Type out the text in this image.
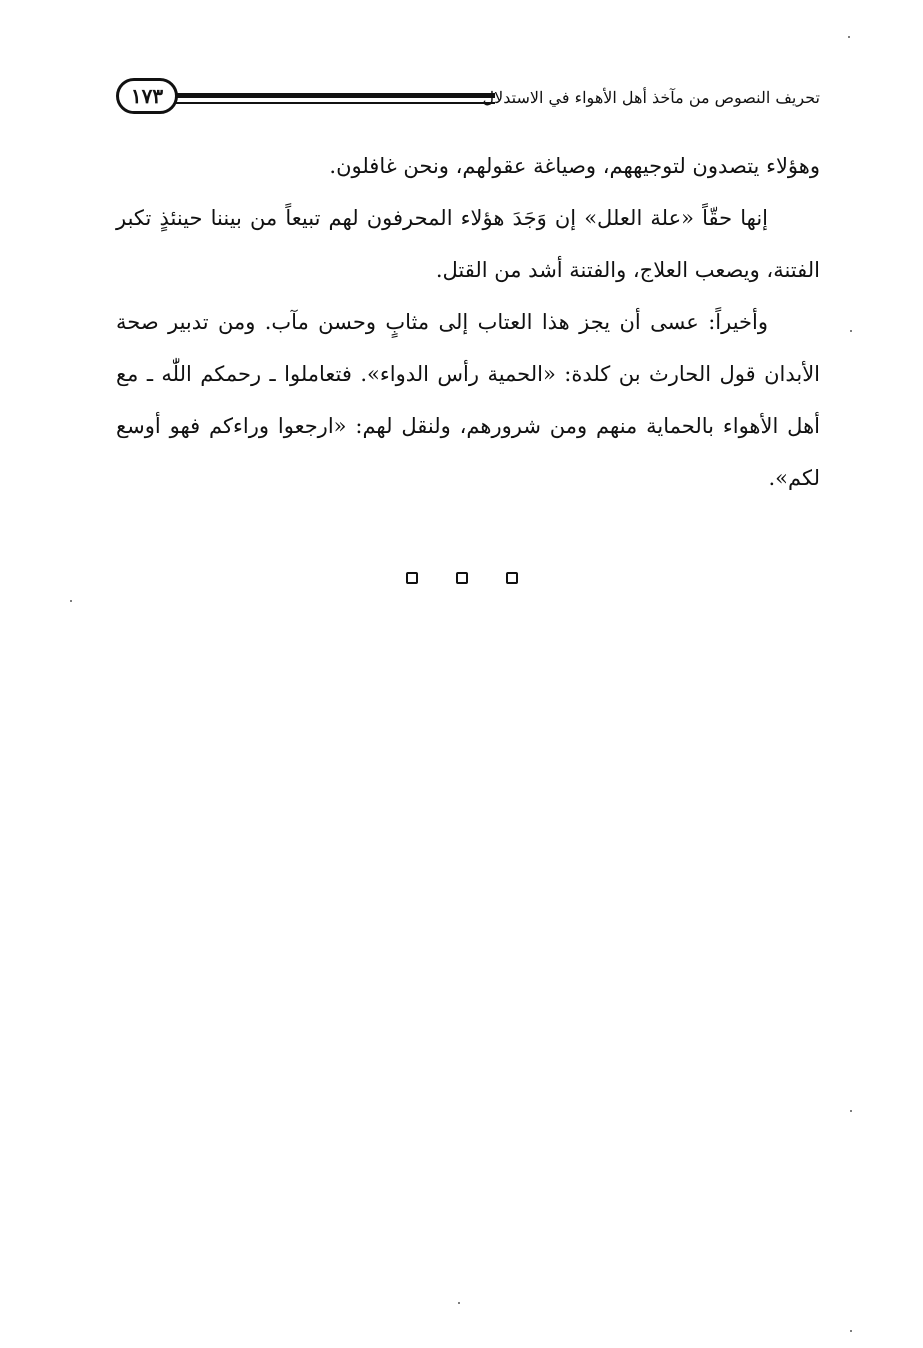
١٧٣	تحريف النصوص من مآخذ أهل الأهواء في الاستدلال

وهؤلاء يتصدون لتوجيههم، وصياغة عقولهم، ونحن غافلون.

إنها حقّاً «علة العلل» إن وَجَدَ هؤلاء المحرفون لهم تبيعاً من بيننا حينئذٍ تكبر الفتنة، ويصعب العلاج، والفتنة أشد من القتل.

وأخيراً: عسى أن يجز هذا العتاب إلى مثابٍ وحسن مآب. ومن تدبير صحة الأبدان قول الحارث بن كلدة: «الحمية رأس الدواء». فتعاملوا ـ رحمكم اللّٰه ـ مع أهل الأهواء بالحماية منهم ومن شرورهم، ولنقل لهم: «ارجعوا وراءكم فهو أوسع لكم».
